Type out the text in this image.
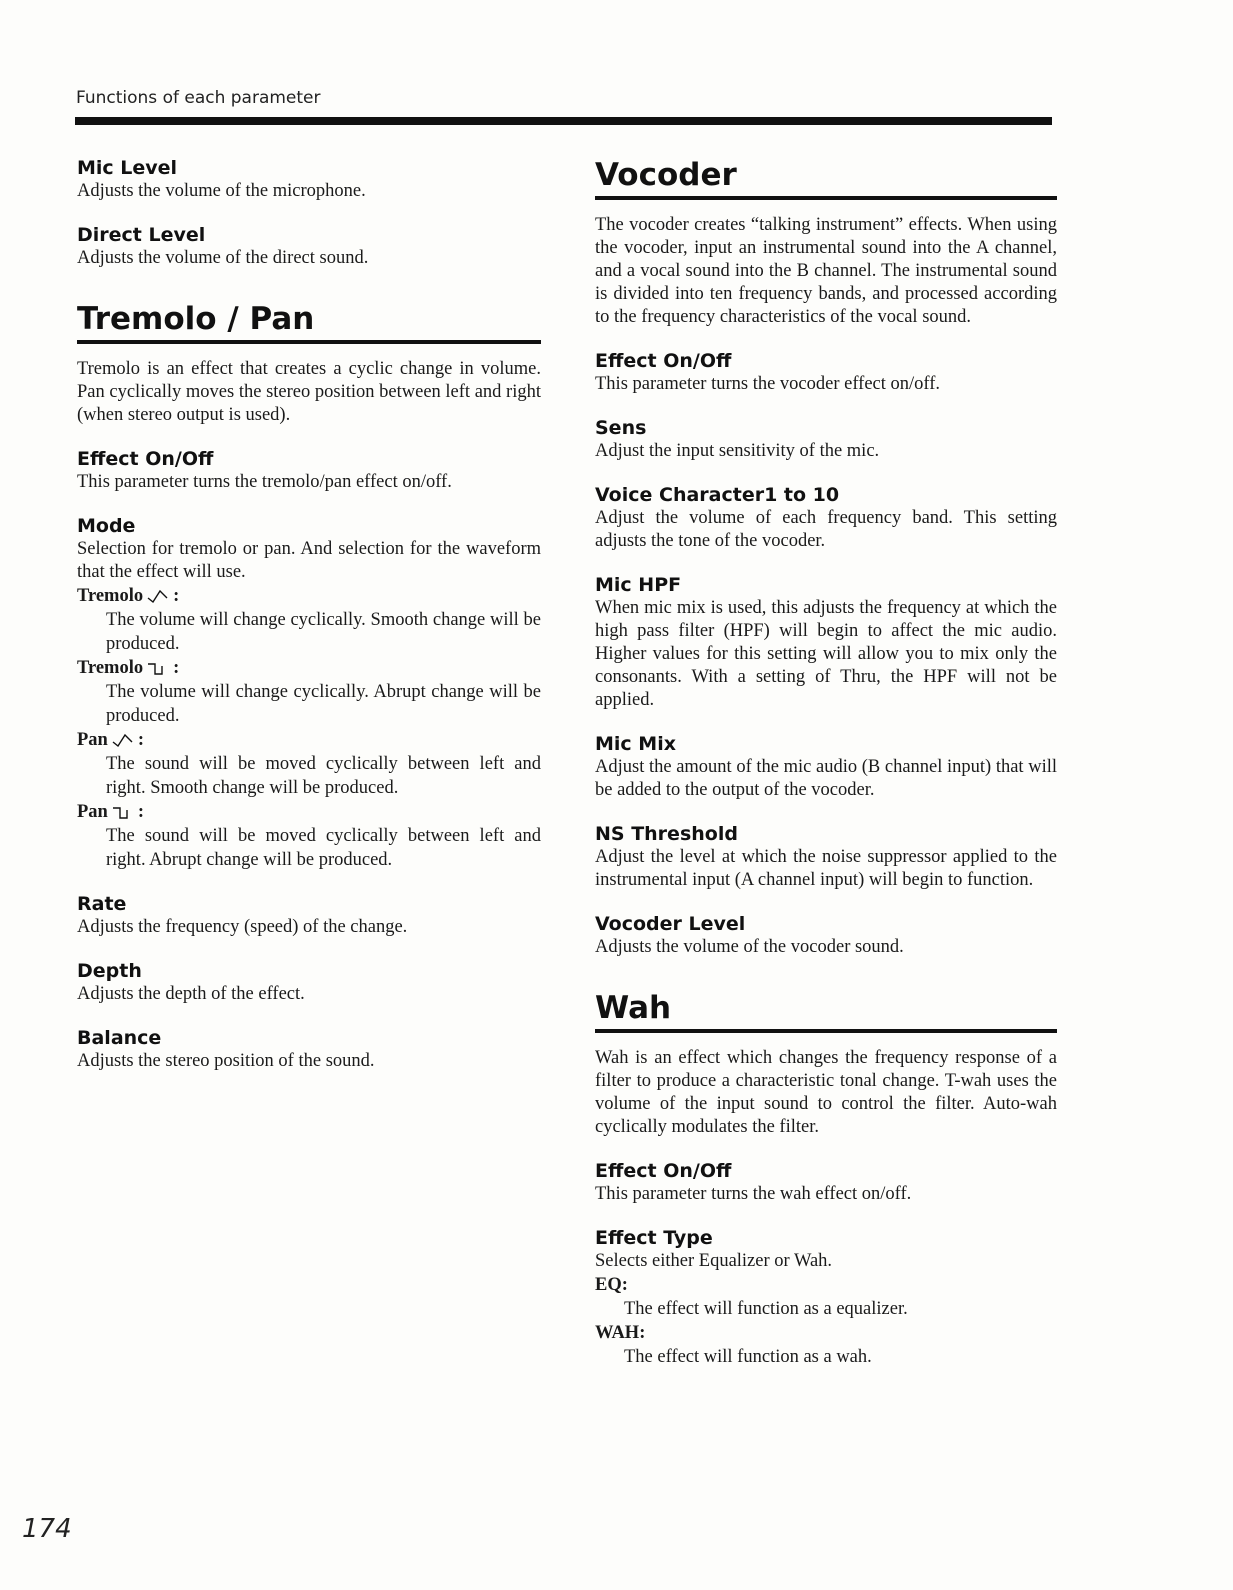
Functions of each parameter

Mic Level

Adjusts the volume of the microphone.

Direct Level

Adjusts the volume of the direct sound.

Tremolo / Pan

Tremolo is an effect that creates a cyclic change in volume. Pan cyclically moves the stereo position between left and right (when stereo output is used).

Effect On/Off

This parameter turns the tremolo/pan effect on/off.

Mode

Selection for tremolo or pan. And selection for the waveform that the effect will use.

Tremolo :

The volume will change cyclically. Smooth change will be produced.

Tremolo :

The volume will change cyclically. Abrupt change will be produced.

Pan :

The sound will be moved cyclically between left and right. Smooth change will be produced.

Pan :

The sound will be moved cyclically between left and right. Abrupt change will be produced.

Rate

Adjusts the frequency (speed) of the change.

Depth

Adjusts the depth of the effect.

Balance

Adjusts the stereo position of the sound.

Vocoder

The vocoder creates “talking instrument” effects. When using the vocoder, input an instrumental sound into the A channel, and a vocal sound into the B channel. The instrumental sound is divided into ten frequency bands, and processed according to the frequency characteristics of the vocal sound.

Effect On/Off

This parameter turns the vocoder effect on/off.

Sens

Adjust the input sensitivity of the mic.

Voice Character1 to 10

Adjust the volume of each frequency band. This setting adjusts the tone of the vocoder.

Mic HPF

When mic mix is used, this adjusts the frequency at which the high pass filter (HPF) will begin to affect the mic audio. Higher values for this setting will allow you to mix only the consonants. With a setting of Thru, the HPF will not be applied.

Mic Mix

Adjust the amount of the mic audio (B channel input) that will be added to the output of the vocoder.

NS Threshold

Adjust the level at which the noise suppressor applied to the instrumental input (A channel input) will begin to function.

Vocoder Level

Adjusts the volume of the vocoder sound.

Wah

Wah is an effect which changes the frequency response of a filter to produce a characteristic tonal change. T-wah uses the volume of the input sound to control the filter. Auto-wah cyclically modulates the filter.

Effect On/Off

This parameter turns the wah effect on/off.

Effect Type

Selects either Equalizer or Wah.

EQ:

The effect will function as a equalizer.

WAH:

The effect will function as a wah.

174
